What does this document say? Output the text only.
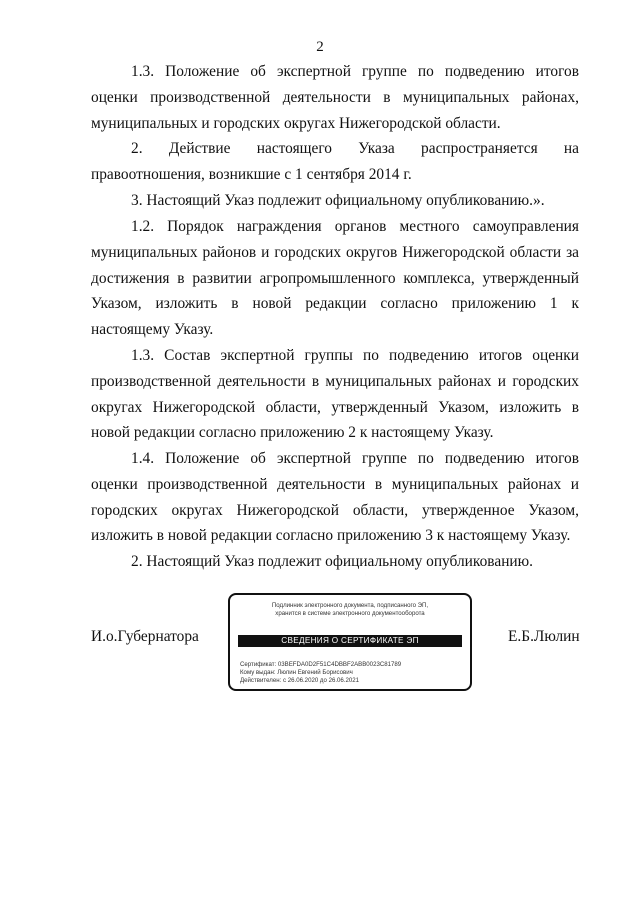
2

1.3. Положение об экспертной группе по подведению итогов оценки производственной деятельности в муниципальных районах, муниципальных и городских округах Нижегородской области.

2. Действие настоящего Указа распространяется на правоотношения, возникшие с 1 сентября 2014 г.

3. Настоящий Указ подлежит официальному опубликованию.».

1.2. Порядок награждения органов местного самоуправления муниципальных районов и городских округов Нижегородской области за достижения в развитии агропромышленного комплекса, утвержденный Указом, изложить в новой редакции согласно приложению 1 к настоящему Указу.

1.3. Состав экспертной группы по подведению итогов оценки производственной деятельности в муниципальных районах и городских округах Нижегородской области, утвержденный Указом, изложить в новой редакции согласно приложению 2 к настоящему Указу.

1.4. Положение об экспертной группе по подведению итогов оценки производственной деятельности в муниципальных районах и городских округах Нижегородской области, утвержденное Указом, изложить в новой редакции согласно приложению 3 к настоящему Указу.

2. Настоящий Указ подлежит официальному опубликованию.

И.о.Губернатора
Подлинник электронного документа, подписанного ЭП,
хранится в системе электронного документооборота
СВЕДЕНИЯ О СЕРТИФИКАТЕ ЭП
Сертификат: 03BEFDA0D2F51C4DBBF2ABB0023C81789
Кому выдан: Люлин Евгений Борисович
Действителен: с 26.06.2020 до 26.06.2021
Е.Б.Люлин
